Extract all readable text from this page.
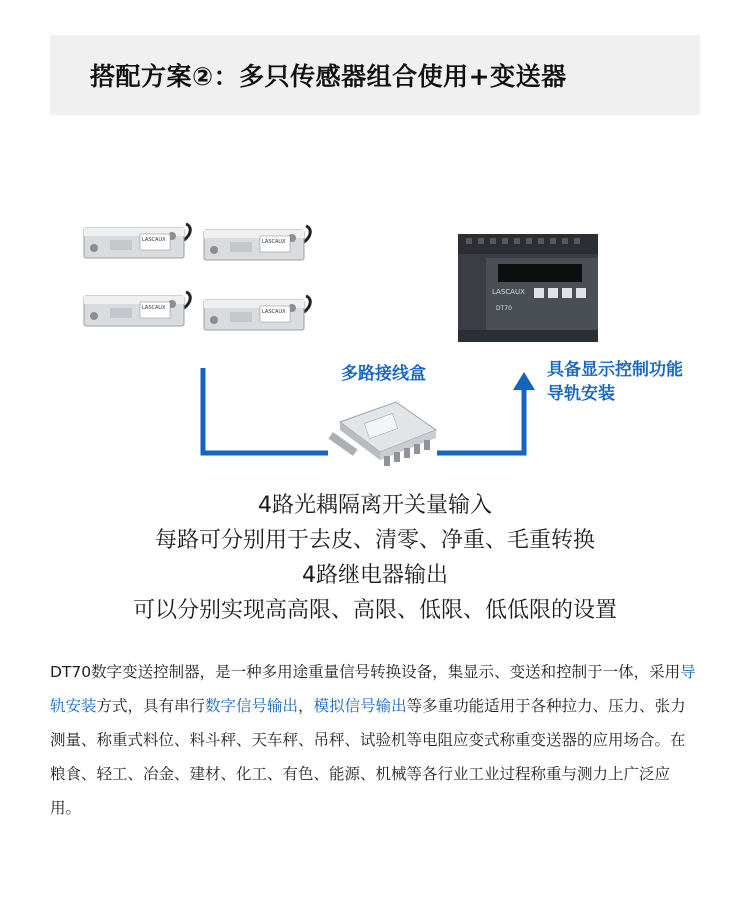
搭配方案②：多只传感器组合使用+变送器
LASCAUX	LASCAUX
LASCAUX
LASCAUX
LASCAUX
DT70
多路接线盒	具备显示控制功能
导轨安装
4路光耦隔离开关量输入
每路可分别用于去皮、清零、净重、毛重转换
4路继电器输出
可以分别实现高高限、高限、低限、低低限的设置
DT70数字变送控制器，是一种多用途重量信号转换设备，集显示、变送和控制于一体，采用导轨安装方式，具有串行数字信号输出，模拟信号输出等多重功能适用于各种拉力、压力、张力测量、称重式料位、料斗秤、天车秤、吊秤、试验机等电阻应变式称重变送器的应用场合。在粮食、轻工、冶金、建材、化工、有色、能源、机械等各行业工业过程称重与测力上广泛应用。
